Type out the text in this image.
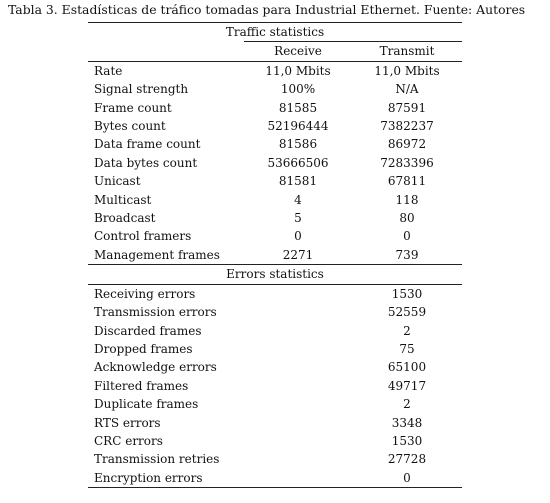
Tabla 3. Estadísticas de tráfico tomadas para Industrial Ethernet. Fuente: Autores
Traffic statistics		
	Receive	Transmit
Rate	11,0 Mbits	11,0 Mbits
Signal strength	100%	N/A
Frame count	81585	87591
Bytes count	52196444	7382237
Data frame count	81586	86972
Data bytes count	53666506	7283396
Unicast	81581	67811
Multicast	4	118
Broadcast	5	80
Control framers	0	0
Management frames	2271	739
Errors statistics		
Receiving errors		1530
Transmission errors		52559
Discarded frames		2
Dropped frames		75
Acknowledge errors		65100
Filtered frames		49717
Duplicate frames		2
RTS errors		3348
CRC errors		1530
Transmission retries		27728
Encryption errors		0
